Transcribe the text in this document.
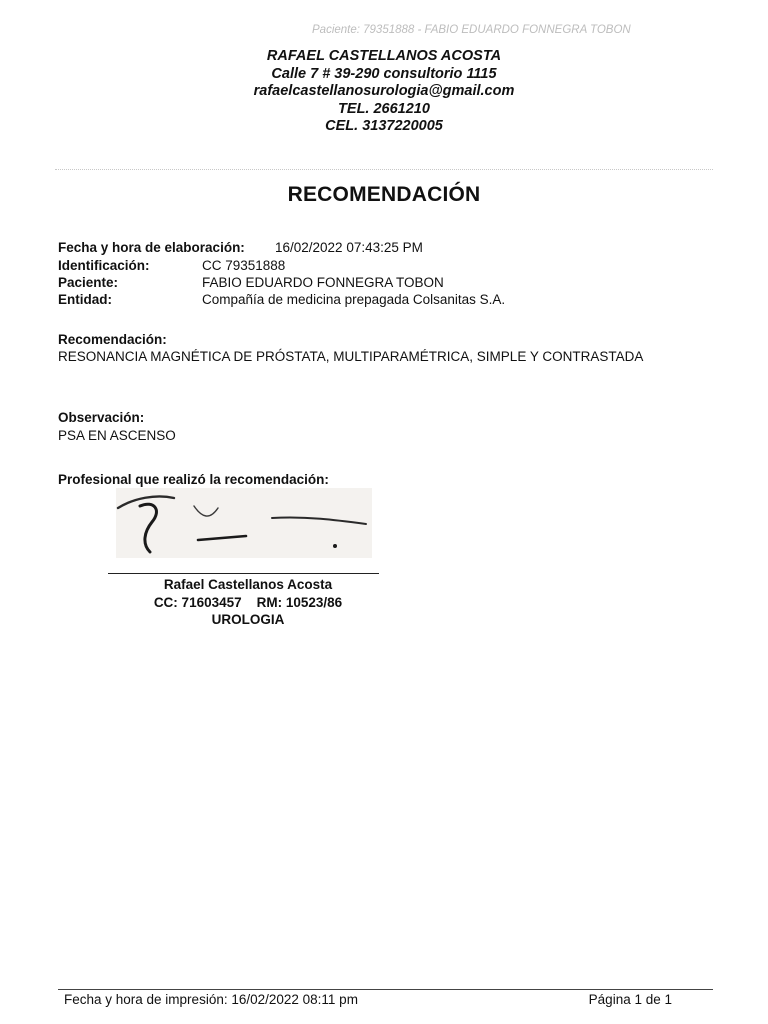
Paciente: 79351888 - FABIO EDUARDO FONNEGRA TOBON
RAFAEL CASTELLANOS ACOSTA
Calle 7 # 39-290 consultorio 1115
rafaelcastellanosurologia@gmail.com
TEL. 2661210
CEL. 3137220005
RECOMENDACIÓN
Fecha y hora de elaboración: 16/02/2022 07:43:25 PM
Identificación:	CC 79351888
Paciente:	FABIO EDUARDO FONNEGRA TOBON
Entidad:	Compañía de medicina prepagada Colsanitas S.A.
Recomendación:
RESONANCIA MAGNÉTICA DE PRÓSTATA, MULTIPARAMÉTRICA, SIMPLE Y CONTRASTADA
Observación:
PSA EN ASCENSO
Profesional que realizó la recomendación:
Rafael Castellanos Acosta
CC: 71603457    RM: 10523/86
UROLOGIA
Fecha y hora de impresión: 16/02/2022 08:11 pm	Página 1 de 1
